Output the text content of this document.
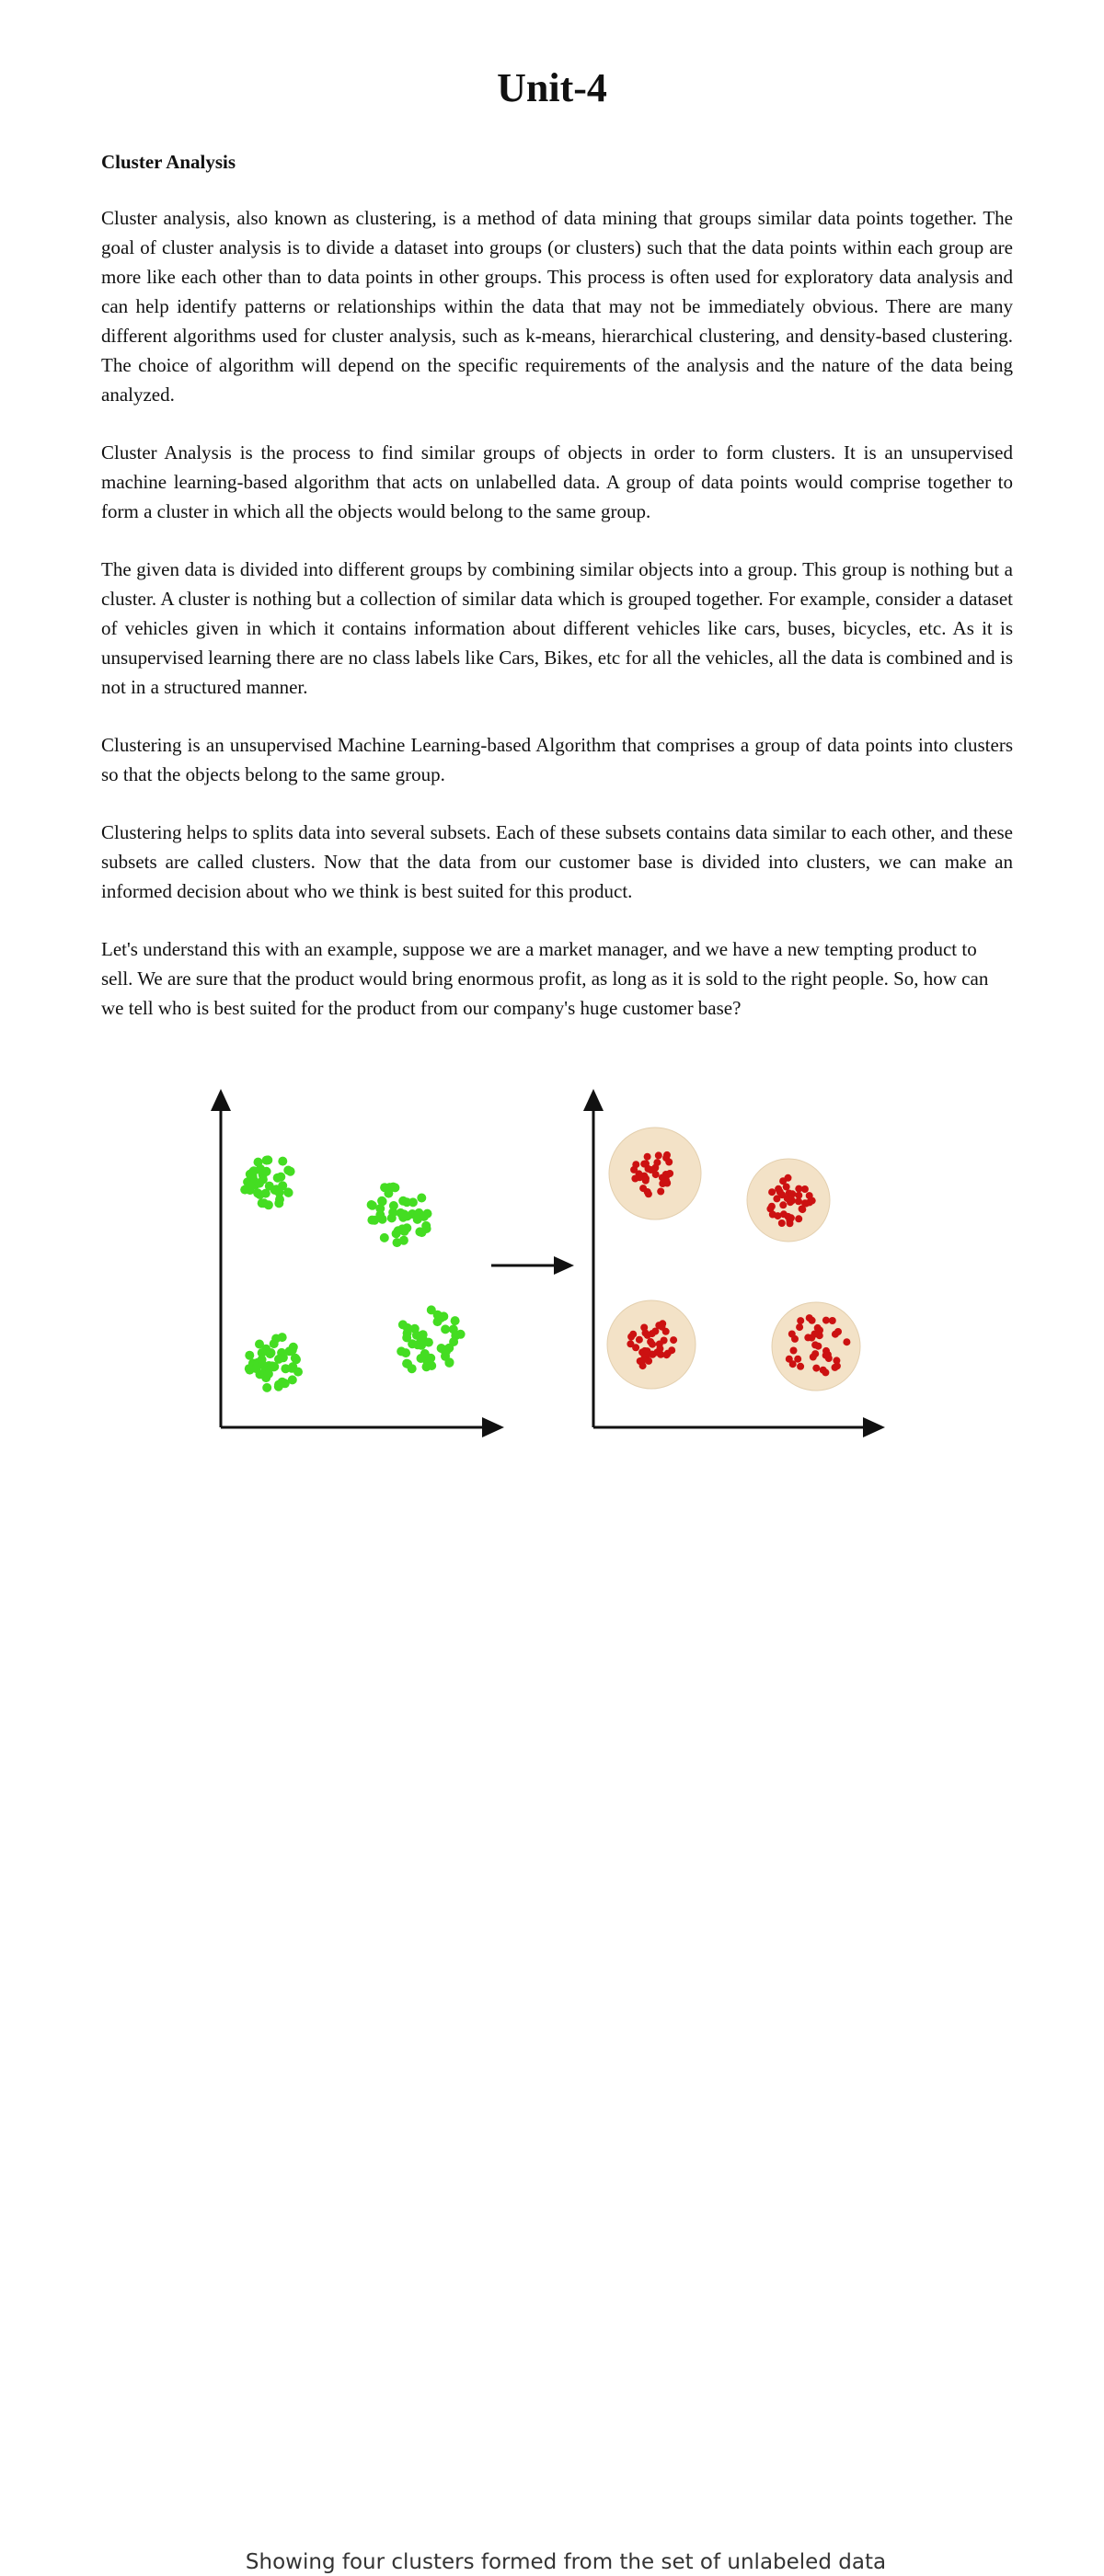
Unit-4
Cluster Analysis

Cluster analysis, also known as clustering, is a method of data mining that groups similar data points together. The goal of cluster analysis is to divide a dataset into groups (or clusters) such that the data points within each group are more like each other than to data points in other groups. This process is often used for exploratory data analysis and can help identify patterns or relationships within the data that may not be immediately obvious. There are many different algorithms used for cluster analysis, such as k-means, hierarchical clustering, and density-based clustering. The choice of algorithm will depend on the specific requirements of the analysis and the nature of the data being analyzed.

Cluster Analysis is the process to find similar groups of objects in order to form clusters. It is an unsupervised machine learning-based algorithm that acts on unlabelled data. A group of data points would comprise together to form a cluster in which all the objects would belong to the same group.

The given data is divided into different groups by combining similar objects into a group. This group is nothing but a cluster. A cluster is nothing but a collection of similar data which is grouped together. For example, consider a dataset of vehicles given in which it contains information about different vehicles like cars, buses, bicycles, etc. As it is unsupervised learning there are no class labels like Cars, Bikes, etc for all the vehicles, all the data is combined and is not in a structured manner.

Clustering is an unsupervised Machine Learning-based Algorithm that comprises a group of data points into clusters so that the objects belong to the same group.

Clustering helps to splits data into several subsets. Each of these subsets contains data similar to each other, and these subsets are called clusters. Now that the data from our customer base is divided into clusters, we can make an informed decision about who we think is best suited for this product.

Let's understand this with an example, suppose we are a market manager, and we have a new tempting product to sell. We are sure that the product would bring enormous profit, as long as it is sold to the right people. So, how can we tell who is best suited for the product from our company's huge customer base?

Showing four clusters formed from the set of unlabeled data
